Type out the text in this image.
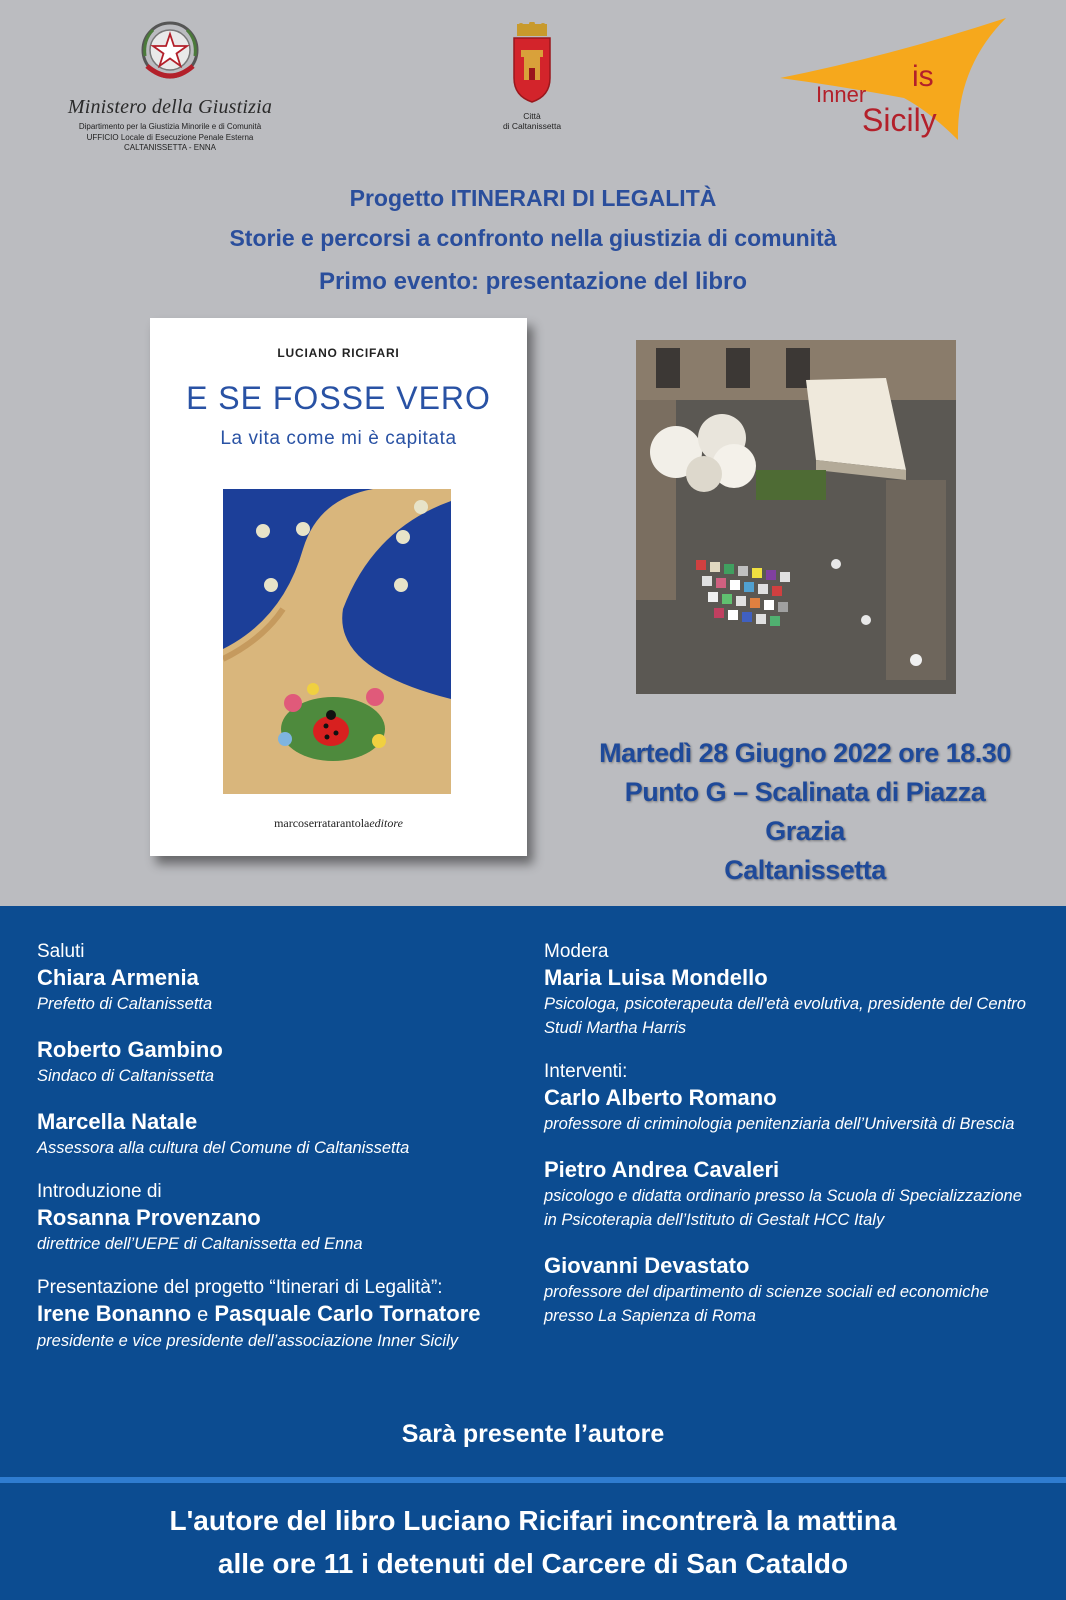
Ministero della Giustizia
Dipartimento per la Giustizia Minorile e di Comunità
UFFICIO Locale di Esecuzione Penale Esterna
CALTANISSETTA - ENNA
Città
di Caltanissetta
is
Inner
Sicily
Progetto ITINERARI DI LEGALITÀ
Storie e percorsi a confronto nella giustizia di comunità
Primo evento: presentazione del libro
LUCIANO RICIFARI
E SE FOSSE VERO
La vita come mi è capitata
marcoserratarantolaeditore
Martedì 28 Giugno 2022 ore 18.30
Punto G – Scalinata di Piazza Grazia
Caltanissetta
Saluti
Chiara Armenia
Prefetto di Caltanissetta
Roberto Gambino
Sindaco di Caltanissetta
Marcella Natale
Assessora alla cultura del Comune di Caltanissetta
Introduzione di
Rosanna Provenzano
direttrice dell’UEPE di Caltanissetta ed Enna
Presentazione del progetto “Itinerari di Legalità”:
Irene Bonanno e Pasquale Carlo Tornatore
presidente e vice presidente dell’associazione Inner Sicily
Modera
Maria Luisa Mondello
Psicologa, psicoterapeuta dell'età evolutiva, presidente del Centro
Studi Martha Harris
Interventi:
Carlo Alberto Romano
professore di criminologia penitenziaria dell’Università di Brescia
Pietro Andrea Cavaleri
psicologo e didatta ordinario presso la Scuola di Specializzazione
in Psicoterapia dell’Istituto di Gestalt HCC Italy
Giovanni Devastato
professore del dipartimento di scienze sociali ed economiche
presso La Sapienza di Roma
Sarà presente l’autore
L'autore del libro Luciano Ricifari incontrerà la mattina
alle ore 11 i detenuti del Carcere di San Cataldo
